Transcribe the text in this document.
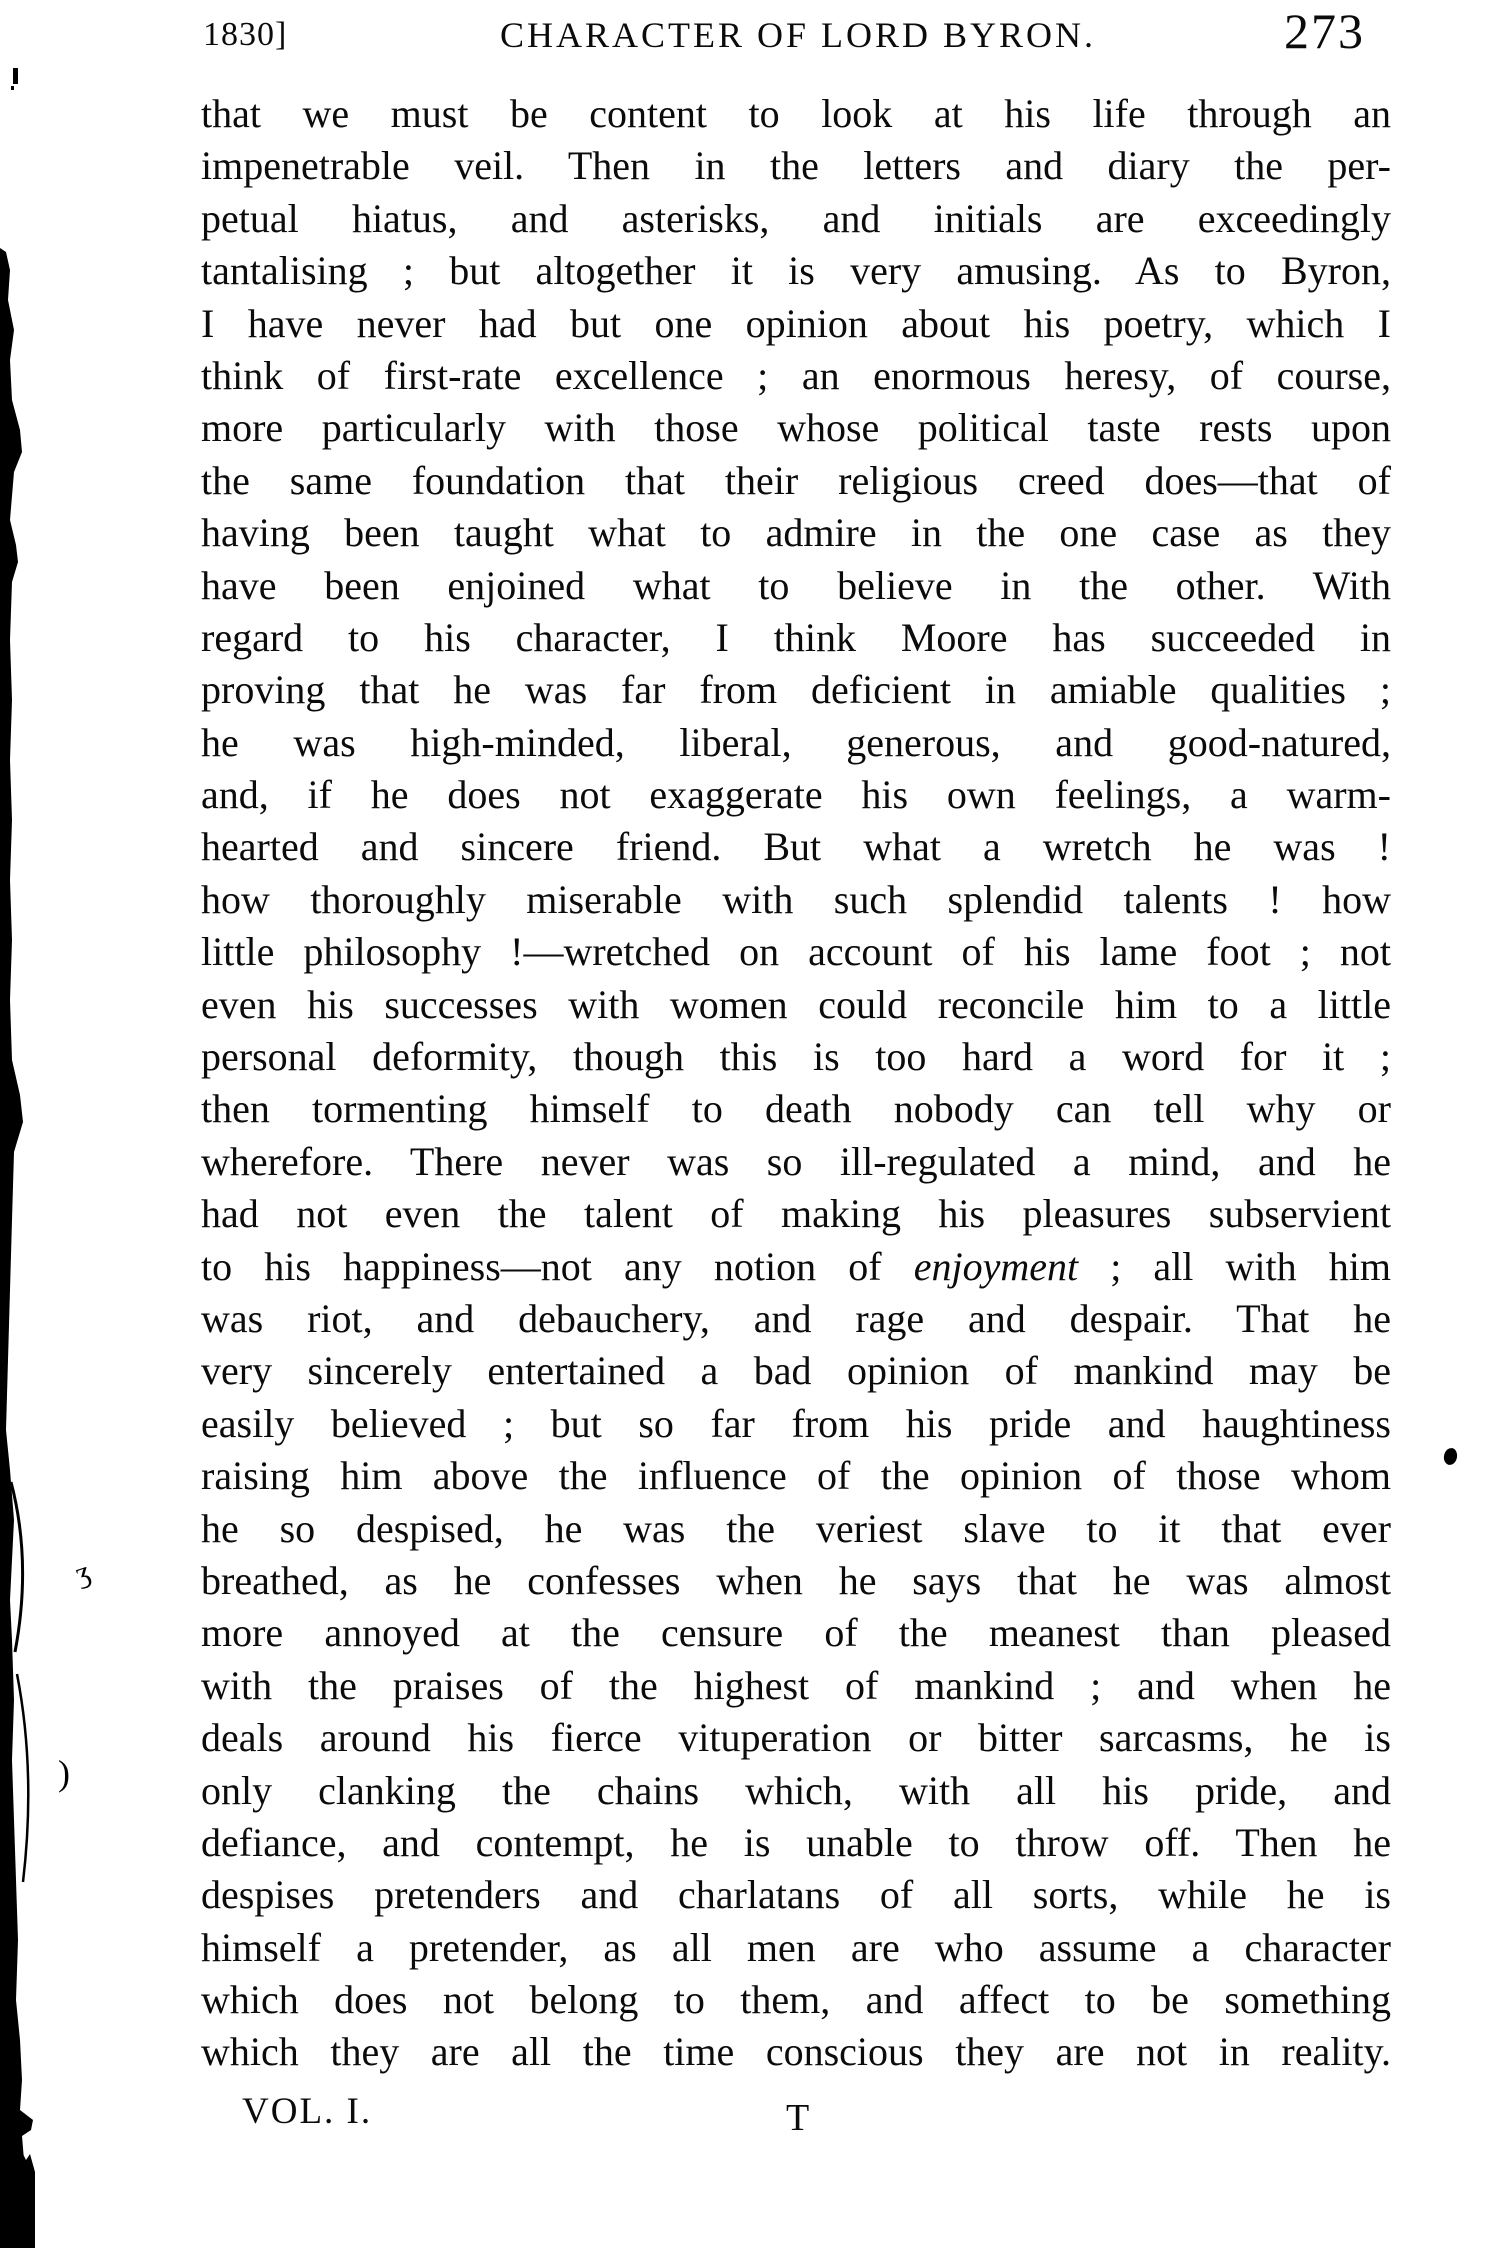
1830]	CHARACTER OF LORD BYRON.	273
that we must be content to look at his life through an
impenetrable veil. Then in the letters and diary the per-
petual hiatus, and asterisks, and initials are exceedingly
tantalising ; but altogether it is very amusing. As to Byron,
I have never had but one opinion about his poetry, which I
think of first-rate excellence ; an enormous heresy, of course,
more particularly with those whose political taste rests upon
the same foundation that their religious creed does—that of
having been taught what to admire in the one case as they
have been enjoined what to believe in the other. With
regard to his character, I think Moore has succeeded in
proving that he was far from deficient in amiable qualities ;
he was high-minded, liberal, generous, and good-natured,
and, if he does not exaggerate his own feelings, a warm-
hearted and sincere friend. But what a wretch he was !
how thoroughly miserable with such splendid talents ! how
little philosophy !—wretched on account of his lame foot ; not
even his successes with women could reconcile him to a little
personal deformity, though this is too hard a word for it ;
then tormenting himself to death nobody can tell why or
wherefore. There never was so ill-regulated a mind, and he
had not even the talent of making his pleasures subservient
to his happiness—not any notion of enjoyment ; all with him
was riot, and debauchery, and rage and despair. That he
very sincerely entertained a bad opinion of mankind may be
easily believed ; but so far from his pride and haughtiness
raising him above the influence of the opinion of those whom
he so despised, he was the veriest slave to it that ever
breathed, as he confesses when he says that he was almost
more annoyed at the censure of the meanest than pleased
with the praises of the highest of mankind ; and when he
deals around his fierce vituperation or bitter sarcasms, he is
only clanking the chains which, with all his pride, and
defiance, and contempt, he is unable to throw off. Then he
despises pretenders and charlatans of all sorts, while he is
himself a pretender, as all men are who assume a character
which does not belong to them, and affect to be something
which they are all the time conscious they are not in reality.
VOL. I.	T
ʒ
)
